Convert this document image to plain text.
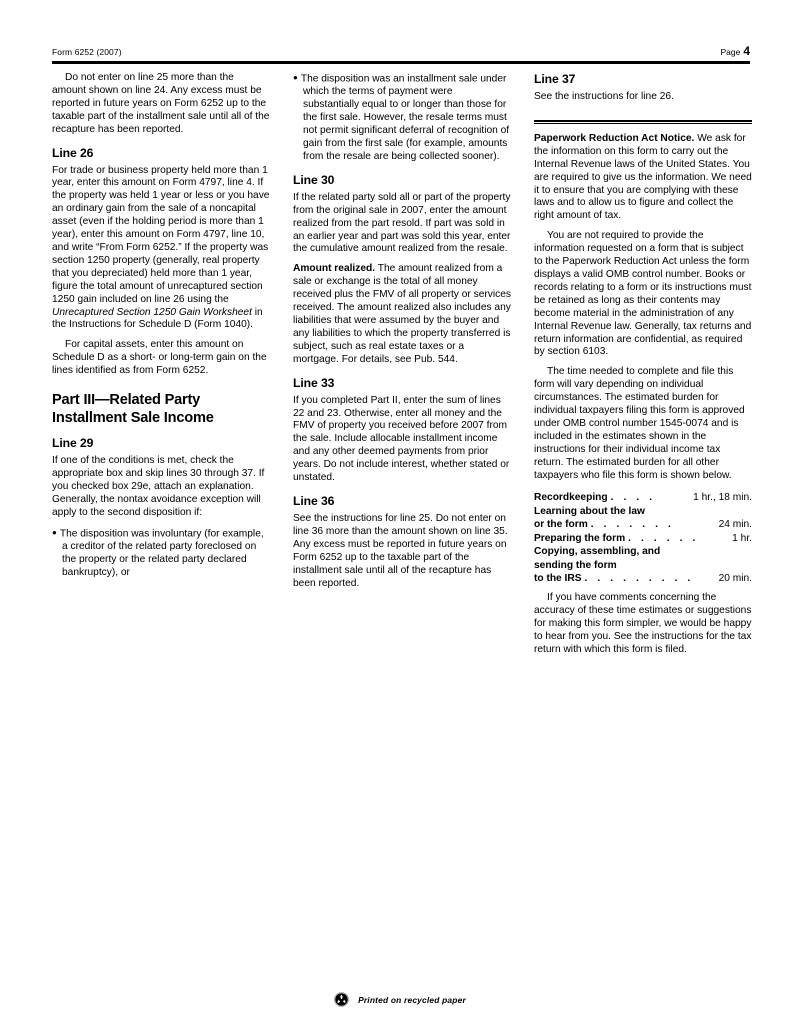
Form 6252 (2007)	Page 4

Do not enter on line 25 more than the amount shown on line 24. Any excess must be reported in future years on Form 6252 up to the taxable part of the installment sale until all of the recapture has been reported.

Line 26

For trade or business property held more than 1 year, enter this amount on Form 4797, line 4. If the property was held 1 year or less or you have an ordinary gain from the sale of a noncapital asset (even if the holding period is more than 1 year), enter this amount on Form 4797, line 10, and write “From Form 6252.” If the property was section 1250 property (generally, real property that you depreciated) held more than 1 year, figure the total amount of unrecaptured section 1250 gain included on line 26 using the Unrecaptured Section 1250 Gain Worksheet in the Instructions for Schedule D (Form 1040).

For capital assets, enter this amount on Schedule D as a short- or long-term gain on the lines identified as from Form 6252.

Part III—Related Party Installment Sale Income
Line 29

If one of the conditions is met, check the appropriate box and skip lines 30 through 37. If you checked box 29e, attach an explanation. Generally, the nontax avoidance exception will apply to the second disposition if:

● The disposition was involuntary (for example, a creditor of the related party foreclosed on the property or the related party declared bankruptcy), or

● The disposition was an installment sale under which the terms of payment were substantially equal to or longer than those for the first sale. However, the resale terms must not permit significant deferral of recognition of gain from the first sale (for example, amounts from the resale are being collected sooner).

Line 30

If the related party sold all or part of the property from the original sale in 2007, enter the amount realized from the part resold. If part was sold in an earlier year and part was sold this year, enter the cumulative amount realized from the resale.

Amount realized. The amount realized from a sale or exchange is the total of all money received plus the FMV of all property or services received. The amount realized also includes any liabilities that were assumed by the buyer and any liabilities to which the property transferred is subject, such as real estate taxes or a mortgage. For details, see Pub. 544.

Line 33

If you completed Part II, enter the sum of lines 22 and 23. Otherwise, enter all money and the FMV of property you received before 2007 from the sale. Include allocable installment income and any other deemed payments from prior years. Do not include interest, whether stated or unstated.

Line 36

See the instructions for line 25. Do not enter on line 36 more than the amount shown on line 35. Any excess must be reported in future years on Form 6252 up to the taxable part of the installment sale until all of the recapture has been reported.

Line 37

See the instructions for line 26.

Paperwork Reduction Act Notice. We ask for the information on this form to carry out the Internal Revenue laws of the United States. You are required to give us the information. We need it to ensure that you are complying with these laws and to allow us to figure and collect the right amount of tax.

You are not required to provide the information requested on a form that is subject to the Paperwork Reduction Act unless the form displays a valid OMB control number. Books or records relating to a form or its instructions must be retained as long as their contents may become material in the administration of any Internal Revenue law. Generally, tax returns and return information are confidential, as required by section 6103.

The time needed to complete and file this form will vary depending on individual circumstances. The estimated burden for individual taxpayers filing this form is approved under OMB control number 1545-0074 and is included in the estimates shown in the instructions for their individual income tax return. The estimated burden for all other taxpayers who file this form is shown below.

Recordkeeping . . . .	1 hr., 18 min.
Learning about the law
or the form . . . . . . .	24 min.
Preparing the form . . . . . .	1 hr.
Copying, assembling, and
sending the form
to the IRS . . . . . . . . .	20 min.

If you have comments concerning the accuracy of these time estimates or suggestions for making this form simpler, we would be happy to hear from you. See the instructions for the tax return with which this form is filed.

Printed on recycled paper
